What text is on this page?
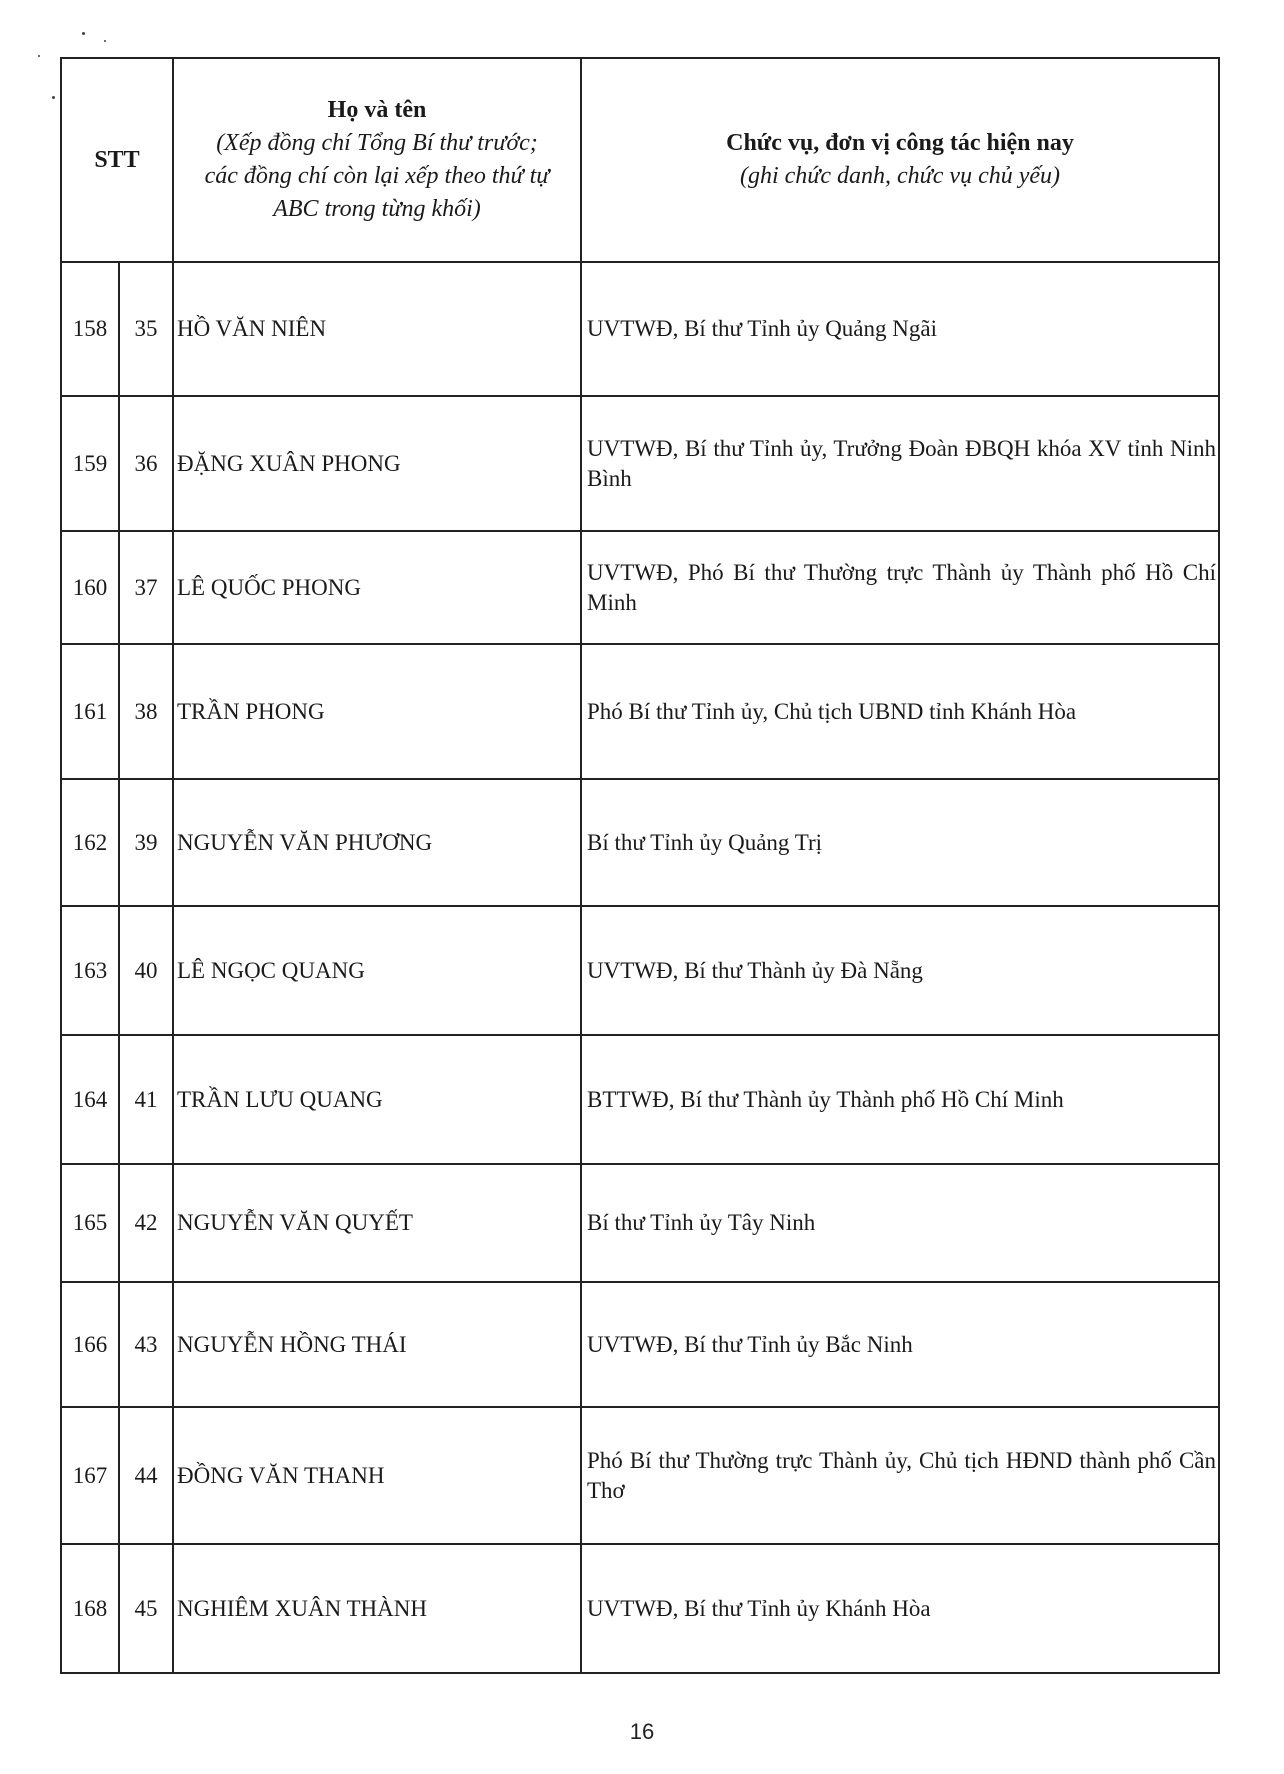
STT		Họ và tên
(Xếp đồng chí Tổng Bí thư trước;
các đồng chí còn lại xếp theo thứ tự
ABC trong từng khối)	Chức vụ, đơn vị công tác hiện nay
(ghi chức danh, chức vụ chủ yếu)

158	35	HỒ VĂN NIÊN	UVTWĐ, Bí thư Tỉnh ủy Quảng Ngãi
159	36	ĐẶNG XUÂN PHONG	UVTWĐ, Bí thư Tỉnh ủy, Trưởng Đoàn ĐBQH khóa XV tỉnh Ninh Bình
160	37	LÊ QUỐC PHONG	UVTWĐ, Phó Bí thư Thường trực Thành ủy Thành phố Hồ Chí Minh
161	38	TRẦN PHONG	Phó Bí thư Tỉnh ủy, Chủ tịch UBND tỉnh Khánh Hòa
162	39	NGUYỄN VĂN PHƯƠNG	Bí thư Tỉnh ủy Quảng Trị
163	40	LÊ NGỌC QUANG	UVTWĐ, Bí thư Thành ủy Đà Nẵng
164	41	TRẦN LƯU QUANG	BTTWĐ, Bí thư Thành ủy Thành phố Hồ Chí Minh
165	42	NGUYỄN VĂN QUYẾT	Bí thư Tỉnh ủy Tây Ninh
166	43	NGUYỄN HỒNG THÁI	UVTWĐ, Bí thư Tỉnh ủy Bắc Ninh
167	44	ĐỒNG VĂN THANH	Phó Bí thư Thường trực Thành ủy, Chủ tịch HĐND thành phố Cần Thơ
168	45	NGHIÊM XUÂN THÀNH	UVTWĐ, Bí thư Tỉnh ủy Khánh Hòa
16
